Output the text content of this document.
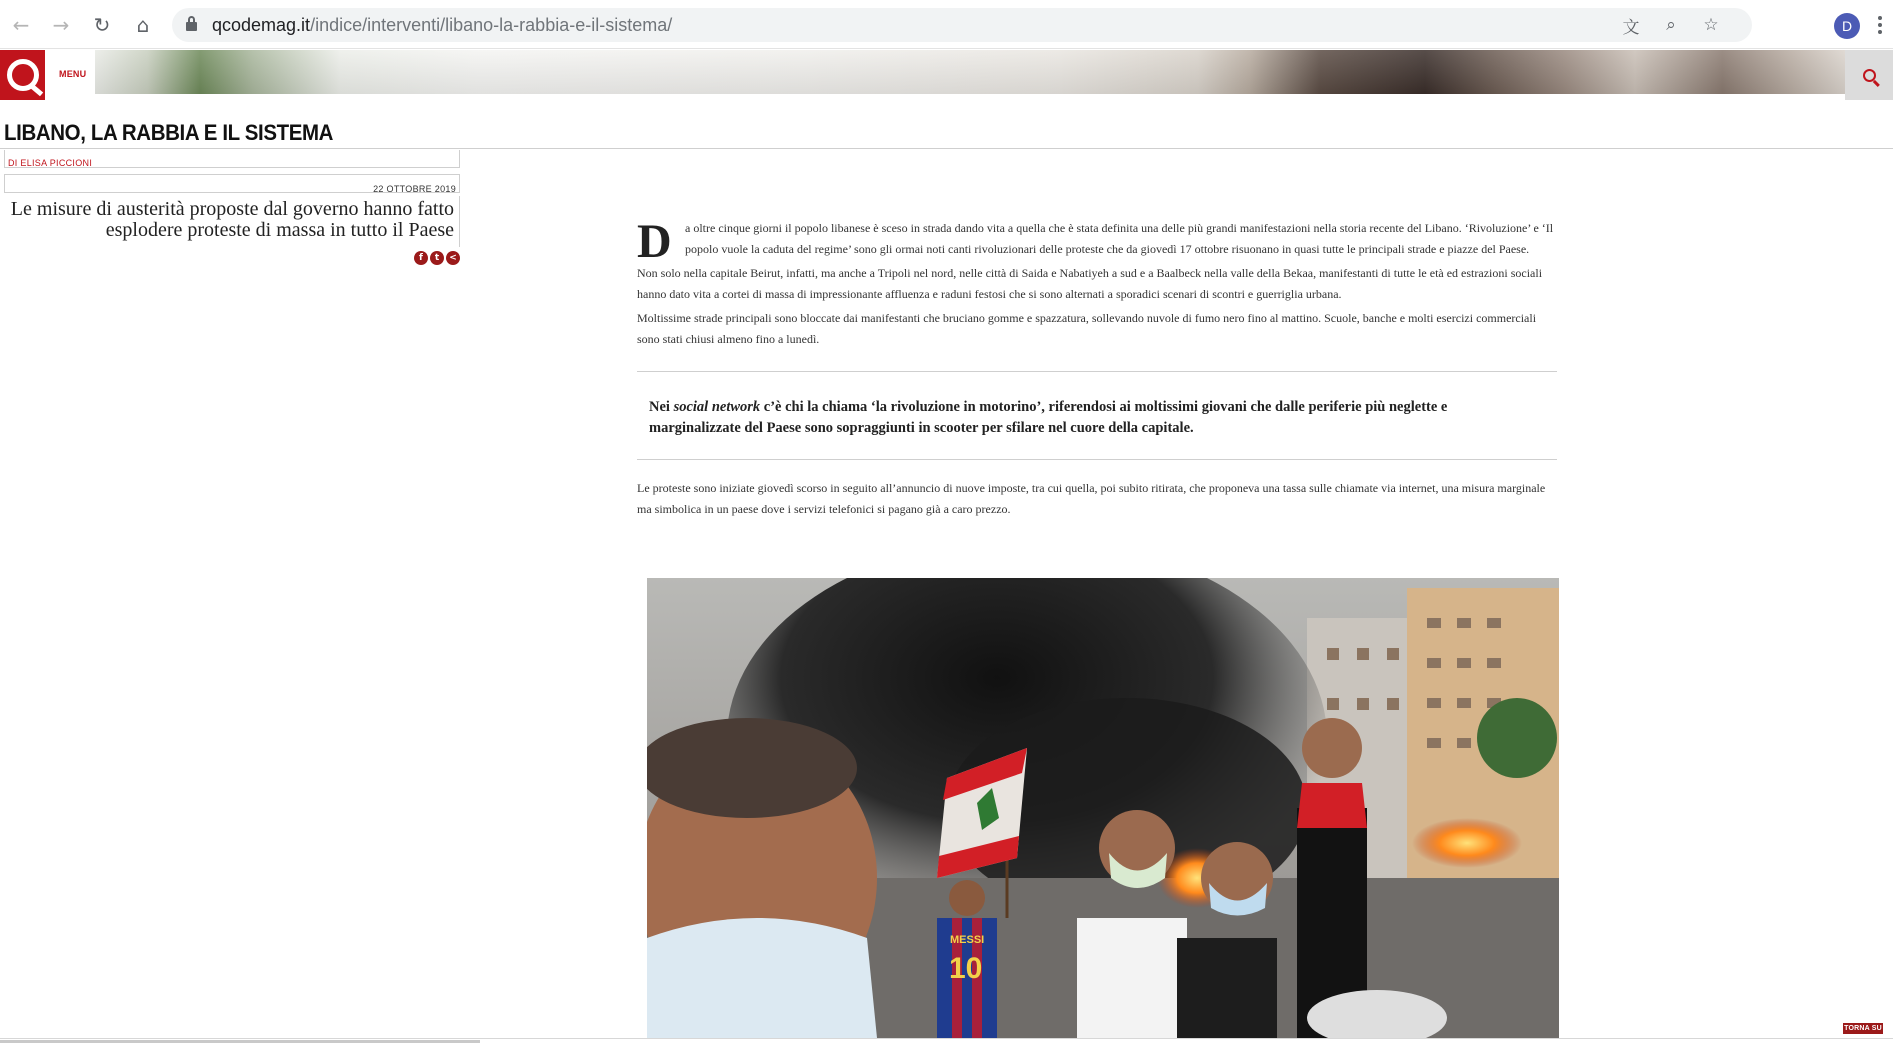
← → ↻	⌂	qcodemag.it/indice/interventi/libano-la-rabbia-e-il-sistema/	文	⌕	☆	D
MENU
LIBANO, LA RABBIA E IL SISTEMA
DI ELISA PICCIONI
22 OTTOBRE 2019
Le misure di austerità proposte dal governo hanno fatto esplodere proteste di massa in tutto il Paese
f	t	<	D a oltre cinque giorni il popolo libanese è sceso in strada dando vita a quella che è stata definita una delle più grandi manifestazioni nella storia recente del Libano. ‘Rivoluzione’ e ‘Il popolo vuole la caduta del regime’ sono gli ormai noti canti rivoluzionari delle proteste che da giovedì 17 ottobre risuonano in quasi tutte le principali strade e piazze del Paese.

Non solo nella capitale Beirut, infatti, ma anche a Tripoli nel nord, nelle città di Saida e Nabatiyeh a sud e a Baalbeck nella valle della Bekaa, manifestanti di tutte le età ed estrazioni sociali hanno dato vita a cortei di massa di impressionante affluenza e raduni festosi che si sono alternati a sporadici scenari di scontri e guerriglia urbana.

Moltissime strade principali sono bloccate dai manifestanti che bruciano gomme e spazzatura, sollevando nuvole di fumo nero fino al mattino. Scuole, banche e molti esercizi commerciali sono stati chiusi almeno fino a lunedì.

Nei social network c’è chi la chiama ‘la rivoluzione in motorino’, riferendosi ai moltissimi giovani che dalle periferie più neglette e marginalizzate del Paese sono sopraggiunti in scooter per sfilare nel cuore della capitale.

Le proteste sono iniziate giovedì scorso in seguito all’annuncio di nuove imposte, tra cui quella, poi subito ritirata, che proponeva una tassa sulle chiamate via internet, una misura marginale ma simbolica in un paese dove i servizi telefonici si pagano già a caro prezzo.

MESSI
10
TORNA SU
